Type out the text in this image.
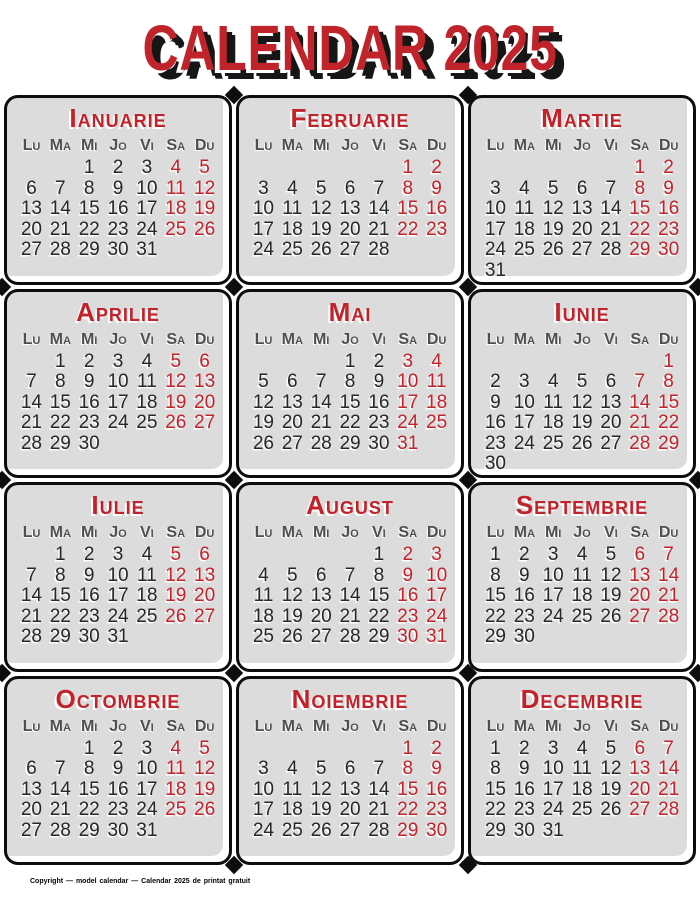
CALENDAR 2025
Ianuarie
Lu Ma Mi Jo Vi Sa Du
1 2 3 4 5
6 7 8 9 10 11 12
13 14 15 16 17 18 19
20 21 22 23 24 25 26
27 28 29 30 31
Februarie
Lu Ma Mi Jo Vi Sa Du
1 2
3 4 5 6 7 8 9
10 11 12 13 14 15 16
17 18 19 20 21 22 23
24 25 26 27 28
Martie
Lu Ma Mi Jo Vi Sa Du
1 2
3 4 5 6 7 8 9
10 11 12 13 14 15 16
17 18 19 20 21 22 23
24 25 26 27 28 29 30
31
Aprilie
Lu Ma Mi Jo Vi Sa Du
1 2 3 4 5 6
7 8 9 10 11 12 13
14 15 16 17 18 19 20
21 22 23 24 25 26 27
28 29 30
Mai
Lu Ma Mi Jo Vi Sa Du
1 2 3 4
5 6 7 8 9 10 11
12 13 14 15 16 17 18
19 20 21 22 23 24 25
26 27 28 29 30 31
Iunie
Lu Ma Mi Jo Vi Sa Du
1
2 3 4 5 6 7 8
9 10 11 12 13 14 15
16 17 18 19 20 21 22
23 24 25 26 27 28 29
30
Iulie
Lu Ma Mi Jo Vi Sa Du
1 2 3 4 5 6
7 8 9 10 11 12 13
14 15 16 17 18 19 20
21 22 23 24 25 26 27
28 29 30 31
August
Lu Ma Mi Jo Vi Sa Du
1 2 3
4 5 6 7 8 9 10
11 12 13 14 15 16 17
18 19 20 21 22 23 24
25 26 27 28 29 30 31
Septembrie
Lu Ma Mi Jo Vi Sa Du
1 2 3 4 5 6 7
8 9 10 11 12 13 14
15 16 17 18 19 20 21
22 23 24 25 26 27 28
29 30
Octombrie
Lu Ma Mi Jo Vi Sa Du
1 2 3 4 5
6 7 8 9 10 11 12
13 14 15 16 17 18 19
20 21 22 23 24 25 26
27 28 29 30 31
Noiembrie
Lu Ma Mi Jo Vi Sa Du
1 2
3 4 5 6 7 8 9
10 11 12 13 14 15 16
17 18 19 20 21 22 23
24 25 26 27 28 29 30
Decembrie
Lu Ma Mi Jo Vi Sa Du
1 2 3 4 5 6 7
8 9 10 11 12 13 14
15 16 17 18 19 20 21
22 23 24 25 26 27 28
29 30 31
Copyright — model calendar — Calendar 2025 de printat gratuit
